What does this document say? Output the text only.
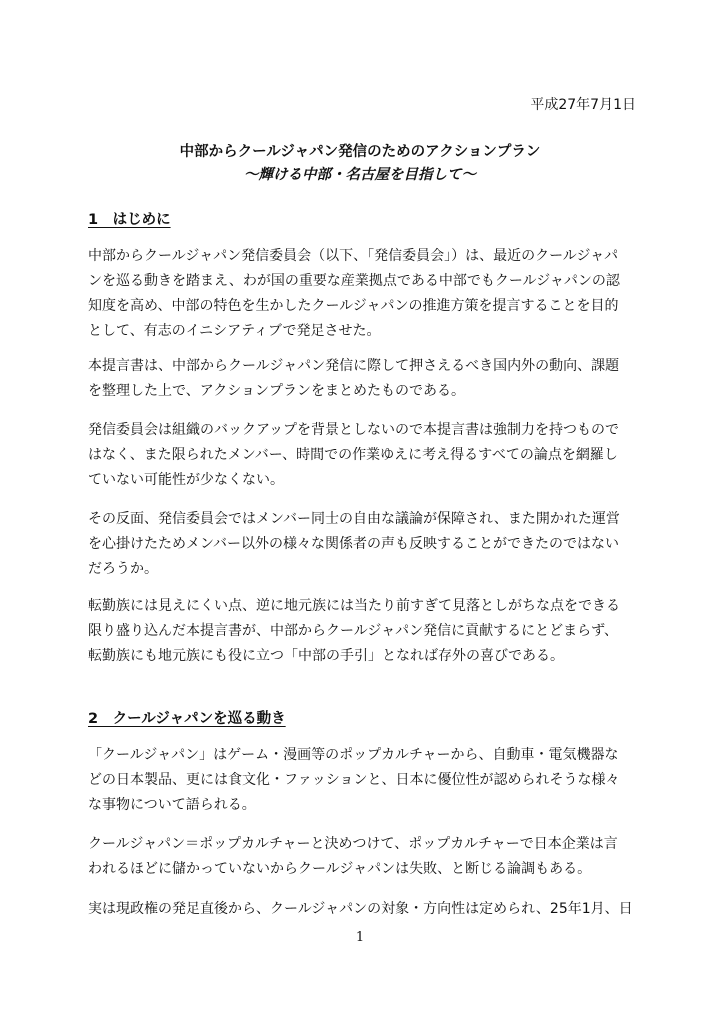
平成27年7月1日
中部からクールジャパン発信のためのアクションプラン
〜輝ける中部・名古屋を目指して〜
1　はじめに
中部からクールジャパン発信委員会（以下、「発信委員会」）は、最近のクールジャパ
ンを巡る動きを踏まえ、わが国の重要な産業拠点である中部でもクールジャパンの認
知度を高め、中部の特色を生かしたクールジャパンの推進方策を提言することを目的
として、有志のイニシアティブで発足させた。
本提言書は、中部からクールジャパン発信に際して押さえるべき国内外の動向、課題
を整理した上で、アクションプランをまとめたものである。
発信委員会は組織のバックアップを背景としないので本提言書は強制力を持つもので
はなく、また限られたメンバー、時間での作業ゆえに考え得るすべての論点を網羅し
ていない可能性が少なくない。
その反面、発信委員会ではメンバー同士の自由な議論が保障され、また開かれた運営
を心掛けたためメンバー以外の様々な関係者の声も反映することができたのではない
だろうか。
転勤族には見えにくい点、逆に地元族には当たり前すぎて見落としがちな点をできる
限り盛り込んだ本提言書が、中部からクールジャパン発信に貢献するにとどまらず、
転勤族にも地元族にも役に立つ「中部の手引」となれば存外の喜びである。
2　クールジャパンを巡る動き
「クールジャパン」はゲーム・漫画等のポップカルチャーから、自動車・電気機器な
どの日本製品、更には食文化・ファッションと、日本に優位性が認められそうな様々
な事物について語られる。
クールジャパン＝ポップカルチャーと決めつけて、ポップカルチャーで日本企業は言
われるほどに儲かっていないからクールジャパンは失敗、と断じる論調もある。
実は現政権の発足直後から、クールジャパンの対象・方向性は定められ、25年1月、日
1
